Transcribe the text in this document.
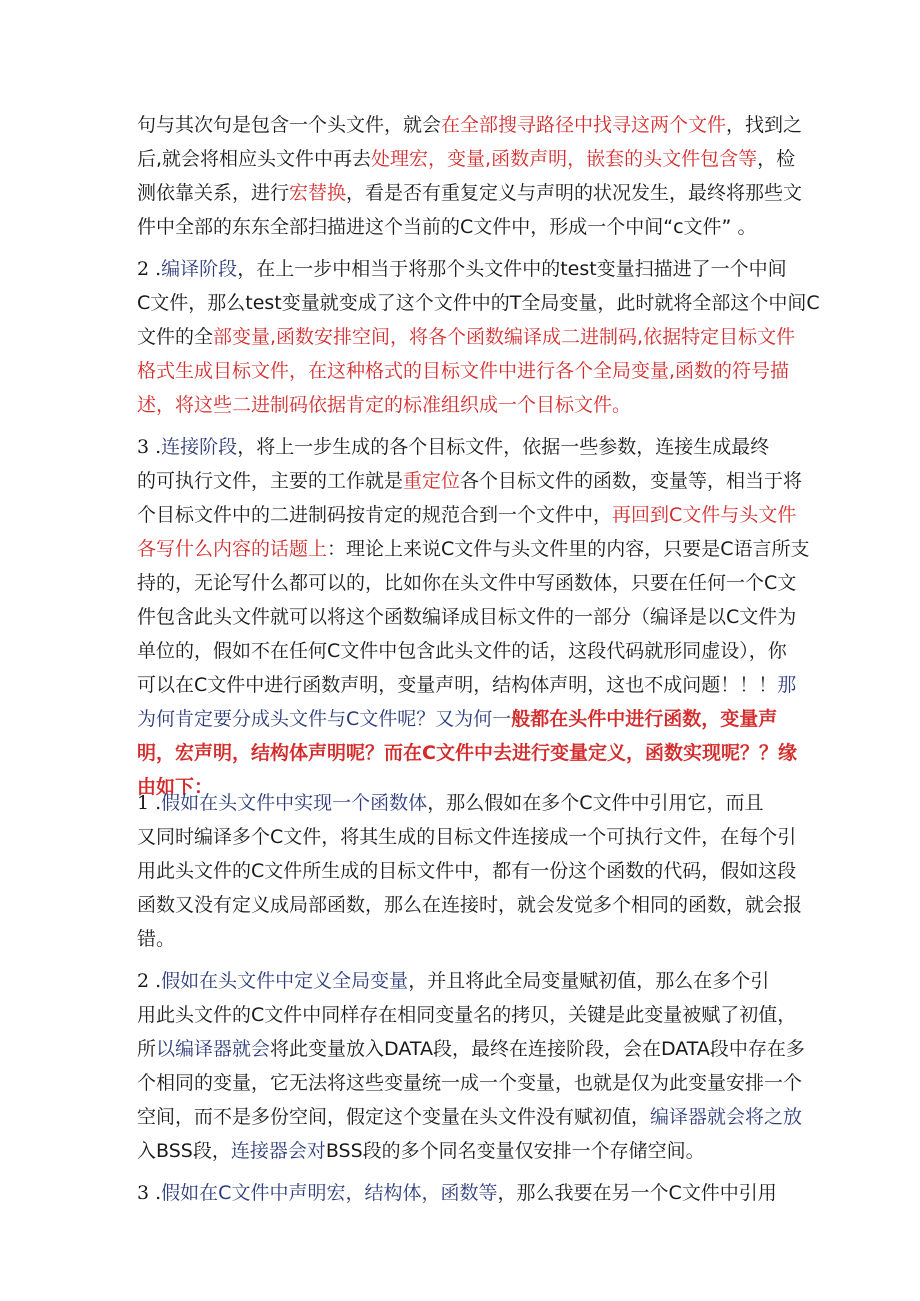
句与其次句是包含一个头文件，就会在全部搜寻路径中找寻这两个文件，找到之
后,就会将相应头文件中再去处理宏，变量,函数声明，嵌套的头文件包含等，检
测依靠关系，进行宏替换，看是否有重复定义与声明的状况发生，最终将那些文
件中全部的东东全部扫描进这个当前的C文件中，形成一个中间“c文件” 。
2 .编译阶段，在上一步中相当于将那个头文件中的test变量扫描进了一个中间
C文件，那么test变量就变成了这个文件中的T全局变量，此时就将全部这个中间C
文件的全部变量,函数安排空间，将各个函数编译成二进制码,依据特定目标文件
格式生成目标文件，在这种格式的目标文件中进行各个全局变量,函数的符号描
述，将这些二进制码依据肯定的标准组织成一个目标文件。
3 .连接阶段，将上一步生成的各个目标文件，依据一些参数，连接生成最终
的可执行文件，主要的工作就是重定位各个目标文件的函数，变量等，相当于将
个目标文件中的二进制码按肯定的规范合到一个文件中，再回到C文件与头文件
各写什么内容的话题上：理论上来说C文件与头文件里的内容，只要是C语言所支
持的，无论写什么都可以的，比如你在头文件中写函数体，只要在任何一个C文
件包含此头文件就可以将这个函数编译成目标文件的一部分（编译是以C文件为
单位的，假如不在任何C文件中包含此头文件的话，这段代码就形同虚设），你
可以在C文件中进行函数声明，变量声明，结构体声明，这也不成问题！！！那
为何肯定要分成头文件与C文件呢？又为何一般都在头件中进行函数，变量声
明，宏声明，结构体声明呢？而在C文件中去进行变量定义，函数实现呢？？缘
由如下：
1 .假如在头文件中实现一个函数体，那么假如在多个C文件中引用它，而且
又同时编译多个C文件，将其生成的目标文件连接成一个可执行文件，在每个引
用此头文件的C文件所生成的目标文件中，都有一份这个函数的代码，假如这段
函数又没有定义成局部函数，那么在连接时，就会发觉多个相同的函数，就会报
错。
2 .假如在头文件中定义全局变量，并且将此全局变量赋初值，那么在多个引
用此头文件的C文件中同样存在相同变量名的拷贝，关键是此变量被赋了初值，
所以编译器就会将此变量放入DATA段，最终在连接阶段，会在DATA段中存在多
个相同的变量，它无法将这些变量统一成一个变量，也就是仅为此变量安排一个
空间，而不是多份空间，假定这个变量在头文件没有赋初值，编译器就会将之放
入BSS段，连接器会对BSS段的多个同名变量仅安排一个存储空间。
3 .假如在C文件中声明宏，结构体，函数等，那么我要在另一个C文件中引用
